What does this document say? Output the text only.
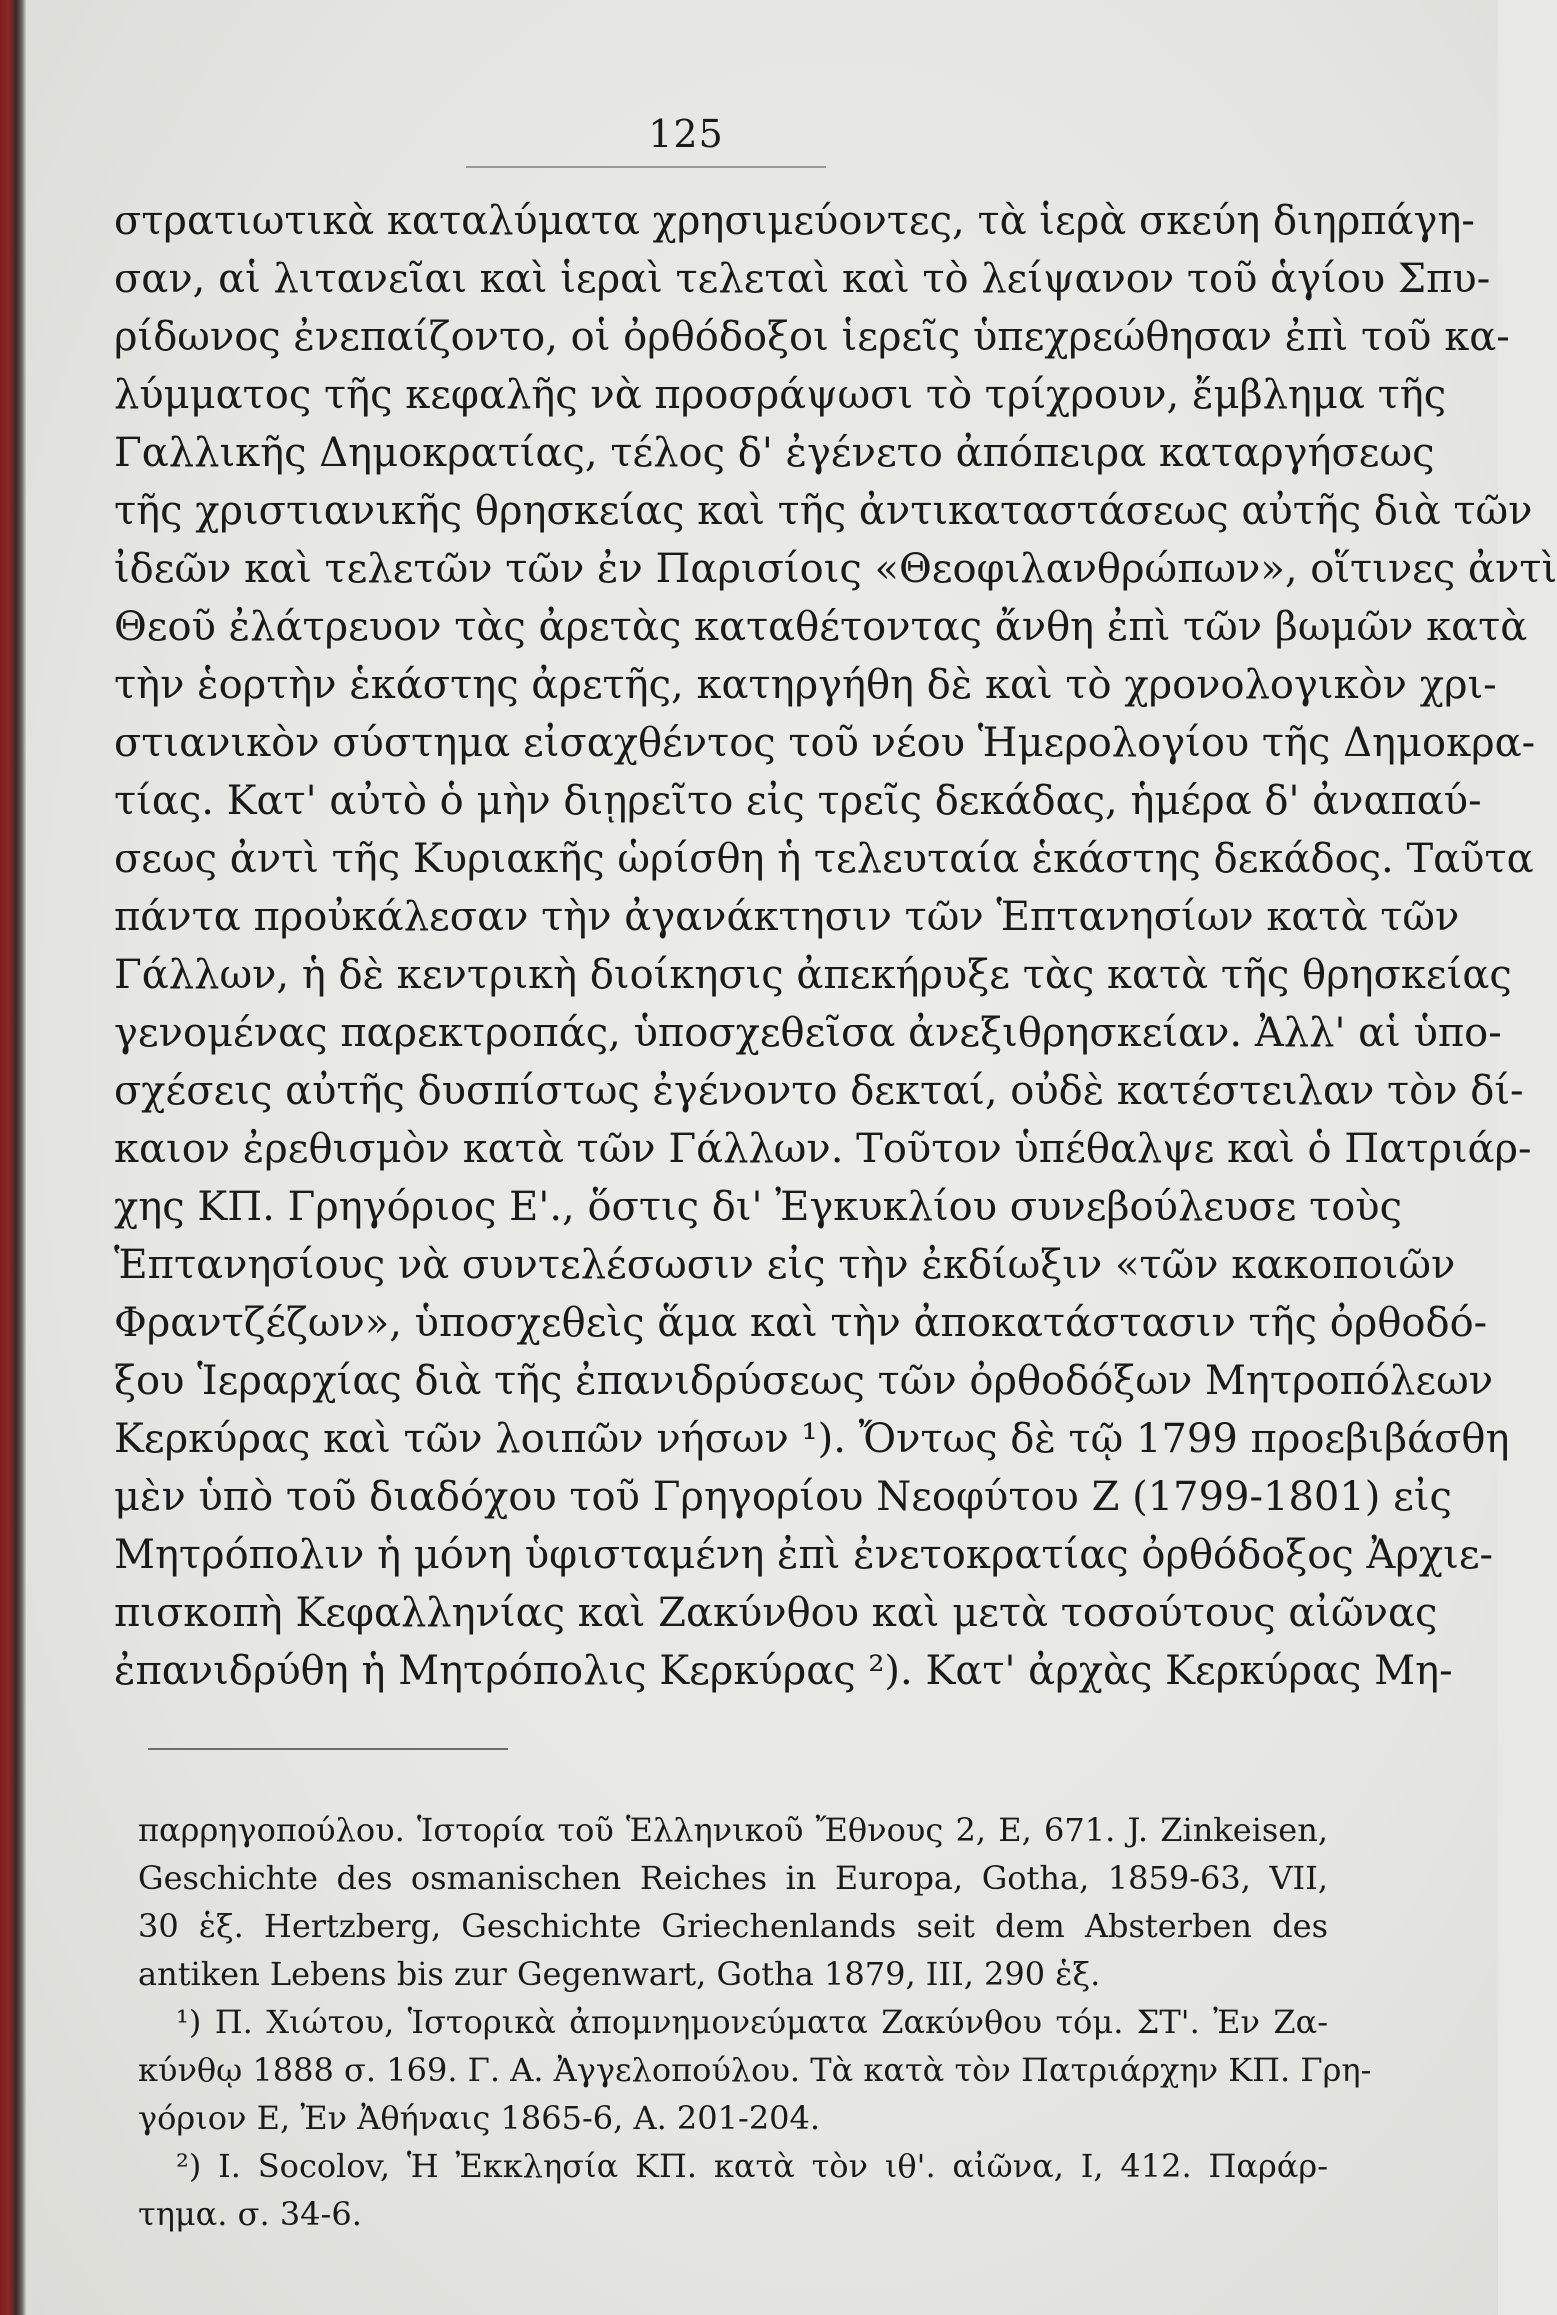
125
στρατιωτικὰ καταλύματα χρησιμεύοντες, τὰ ἱερὰ σκεύη διηρπάγη-
σαν, αἱ λιτανεῖαι καὶ ἱεραὶ τελεταὶ καὶ τὸ λείψανον τοῦ ἁγίου Σπυ-
ρίδωνος ἐνεπαίζοντο, οἱ ὀρθόδοξοι ἱερεῖς ὑπεχρεώθησαν ἐπὶ τοῦ κα-
λύμματος τῆς κεφαλῆς νὰ προσράψωσι τὸ τρίχρουν, ἔμβλημα τῆς
Γαλλικῆς Δημοκρατίας, τέλος δ' ἐγένετο ἀπόπειρα καταργήσεως
τῆς χριστιανικῆς θρησκείας καὶ τῆς ἀντικαταστάσεως αὐτῆς διὰ τῶν
ἰδεῶν καὶ τελετῶν τῶν ἐν Παρισίοις «Θεοφιλανθρώπων», οἵτινες ἀντὶ
Θεοῦ ἐλάτρευον τὰς ἀρετὰς καταθέτοντας ἄνθη ἐπὶ τῶν βωμῶν κατὰ
τὴν ἑορτὴν ἑκάστης ἀρετῆς, κατηργήθη δὲ καὶ τὸ χρονολογικὸν χρι-
στιανικὸν σύστημα εἰσαχθέντος τοῦ νέου Ἡμερολογίου τῆς Δημοκρα-
τίας. Κατ' αὐτὸ ὁ μὴν διῃρεῖτο εἰς τρεῖς δεκάδας, ἡμέρα δ' ἀναπαύ-
σεως ἀντὶ τῆς Κυριακῆς ὡρίσθη ἡ τελευταία ἑκάστης δεκάδος. Ταῦτα
πάντα προὐκάλεσαν τὴν ἀγανάκτησιν τῶν Ἑπτανησίων κατὰ τῶν
Γάλλων, ἡ δὲ κεντρικὴ διοίκησις ἀπεκήρυξε τὰς κατὰ τῆς θρησκείας
γενομένας παρεκτροπάς, ὑποσχεθεῖσα ἀνεξιθρησκείαν. Ἀλλ' αἱ ὑπο-
σχέσεις αὐτῆς δυσπίστως ἐγένοντο δεκταί, οὐδὲ κατέστειλαν τὸν δί-
καιον ἐρεθισμὸν κατὰ τῶν Γάλλων. Τοῦτον ὑπέθαλψε καὶ ὁ Πατριάρ-
χης ΚΠ. Γρηγόριος Ε'., ὅστις δι' Ἐγκυκλίου συνεβούλευσε τοὺς
Ἑπτανησίους νὰ συντελέσωσιν εἰς τὴν ἐκδίωξιν «τῶν κακοποιῶν
Φραντζέζων», ὑποσχεθεὶς ἅμα καὶ τὴν ἀποκατάστασιν τῆς ὀρθοδό-
ξου Ἱεραρχίας διὰ τῆς ἐπανιδρύσεως τῶν ὀρθοδόξων Μητροπόλεων
Κερκύρας καὶ τῶν λοιπῶν νήσων ¹). Ὄντως δὲ τῷ 1799 προεβιβάσθη
μὲν ὑπὸ τοῦ διαδόχου τοῦ Γρηγορίου Νεοφύτου Ζ (1799-1801) εἰς
Μητρόπολιν ἡ μόνη ὑφισταμένη ἐπὶ ἐνετοκρατίας ὀρθόδοξος Ἀρχιε-
πισκοπὴ Κεφαλληνίας καὶ Ζακύνθου καὶ μετὰ τοσούτους αἰῶνας
ἐπανιδρύθη ἡ Μητρόπολις Κερκύρας ²). Κατ' ἀρχὰς Κερκύρας Μη-
παρρηγοπούλου. Ἱστορία τοῦ Ἑλληνικοῦ Ἔθνους 2, Ε, 671. J. Zinkeisen,
Geschichte des osmanischen Reiches in Europa, Gotha, 1859-63, VII,
30 ἑξ. Hertzberg, Geschichte Griechenlands seit dem Absterben des
antiken Lebens bis zur Gegenwart, Gotha 1879, III, 290 ἑξ.
¹) Π. Χιώτου, Ἱστορικὰ ἀπομνημονεύματα Ζακύνθου τόμ. ΣΤ'. Ἐν Ζα-
κύνθῳ 1888 σ. 169. Γ. Α. Ἀγγελοπούλου. Τὰ κατὰ τὸν Πατριάρχην ΚΠ. Γρη-
γόριον Ε, Ἐν Ἀθήναις 1865-6, Α. 201-204.
²) Ι. Socolov, Ἡ Ἐκκλησία ΚΠ. κατὰ τὸν ιθ'. αἰῶνα, Ι, 412. Παράρ-
τημα. σ. 34-6.
